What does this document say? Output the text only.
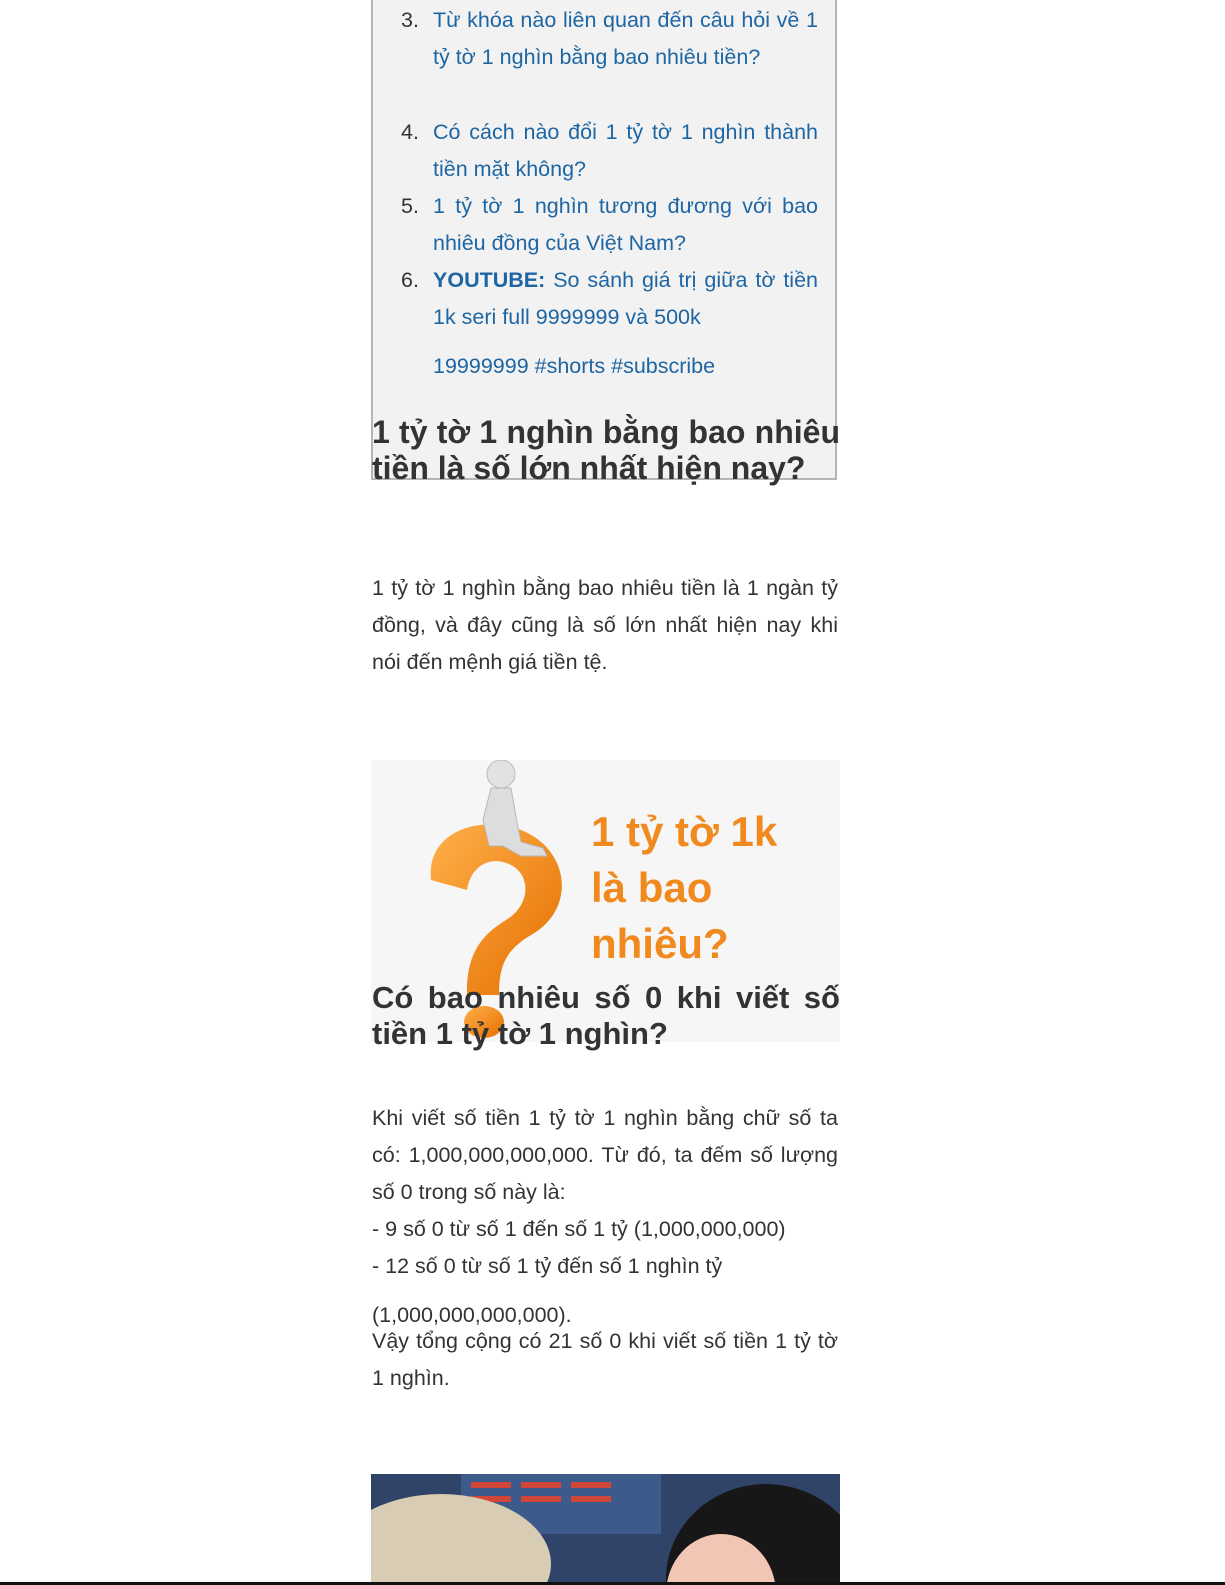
3. Từ khóa nào liên quan đến câu hỏi về 1 tỷ tờ 1 nghìn bằng bao nhiêu tiền?
4. Có cách nào đổi 1 tỷ tờ 1 nghìn thành tiền mặt không?
5. 1 tỷ tờ 1 nghìn tương đương với bao nhiêu đồng của Việt Nam?
6. YOUTUBE: So sánh giá trị giữa tờ tiền 1k seri full 9999999 và 500k
19999999 #shorts #subscribe
1 tỷ tờ 1 nghìn bằng bao nhiêu tiền là số lớn nhất hiện nay?

1 tỷ tờ 1 nghìn bằng bao nhiêu tiền là 1 ngàn tỷ đồng, và đây cũng là số lớn nhất hiện nay khi nói đến mệnh giá tiền tệ.

1 tỷ tờ 1k là bao nhiêu?
Có bao nhiêu số 0 khi viết số tiền 1 tỷ tờ 1 nghìn?

Khi viết số tiền 1 tỷ tờ 1 nghìn bằng chữ số ta có: 1,000,000,000,000. Từ đó, ta đếm số lượng số 0 trong số này là:

- 9 số 0 từ số 1 đến số 1 tỷ (1,000,000,000)

- 12 số 0 từ số 1 tỷ đến số 1 nghìn tỷ

(1,000,000,000,000).

Vậy tổng cộng có 21 số 0 khi viết số tiền 1 tỷ tờ 1 nghìn.
